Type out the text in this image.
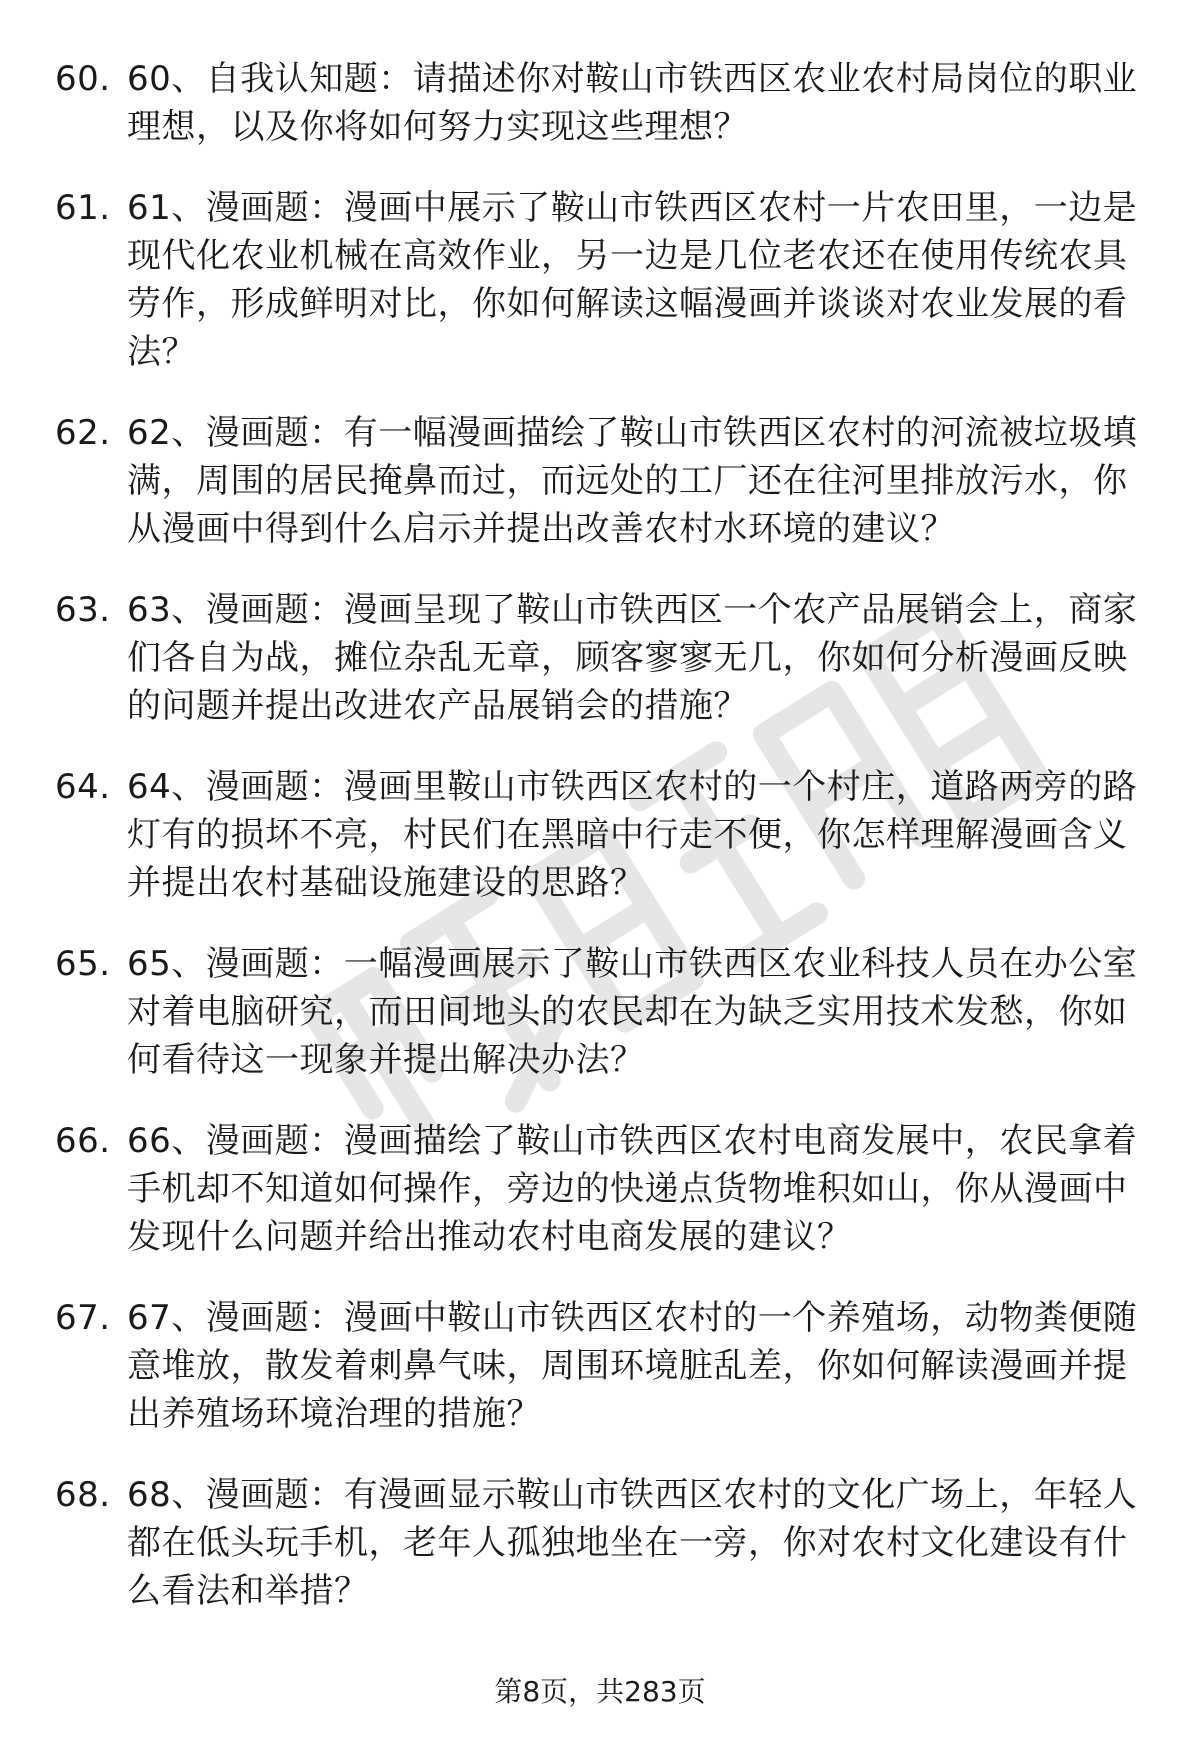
60. 60、自我认知题：请描述你对鞍山市铁西区农业农村局岗位的职业理想，以及你将如何努力实现这些理想？
61. 61、漫画题：漫画中展示了鞍山市铁西区农村一片农田里，一边是现代化农业机械在高效作业，另一边是几位老农还在使用传统农具劳作，形成鲜明对比，你如何解读这幅漫画并谈谈对农业发展的看法？
62. 62、漫画题：有一幅漫画描绘了鞍山市铁西区农村的河流被垃圾填满，周围的居民掩鼻而过，而远处的工厂还在往河里排放污水，你从漫画中得到什么启示并提出改善农村水环境的建议？
63. 63、漫画题：漫画呈现了鞍山市铁西区一个农产品展销会上，商家们各自为战，摊位杂乱无章，顾客寥寥无几，你如何分析漫画反映的问题并提出改进农产品展销会的措施？
64. 64、漫画题：漫画里鞍山市铁西区农村的一个村庄，道路两旁的路灯有的损坏不亮，村民们在黑暗中行走不便，你怎样理解漫画含义并提出农村基础设施建设的思路？
65. 65、漫画题：一幅漫画展示了鞍山市铁西区农业科技人员在办公室对着电脑研究，而田间地头的农民却在为缺乏实用技术发愁，你如何看待这一现象并提出解决办法？
66. 66、漫画题：漫画描绘了鞍山市铁西区农村电商发展中，农民拿着手机却不知道如何操作，旁边的快递点货物堆积如山，你从漫画中发现什么问题并给出推动农村电商发展的建议？
67. 67、漫画题：漫画中鞍山市铁西区农村的一个养殖场，动物粪便随意堆放，散发着刺鼻气味，周围环境脏乱差，你如何解读漫画并提出养殖场环境治理的措施？
68. 68、漫画题：有漫画显示鞍山市铁西区农村的文化广场上，年轻人都在低头玩手机，老年人孤独地坐在一旁，你对农村文化建设有什么看法和举措？
第8页，共283页
